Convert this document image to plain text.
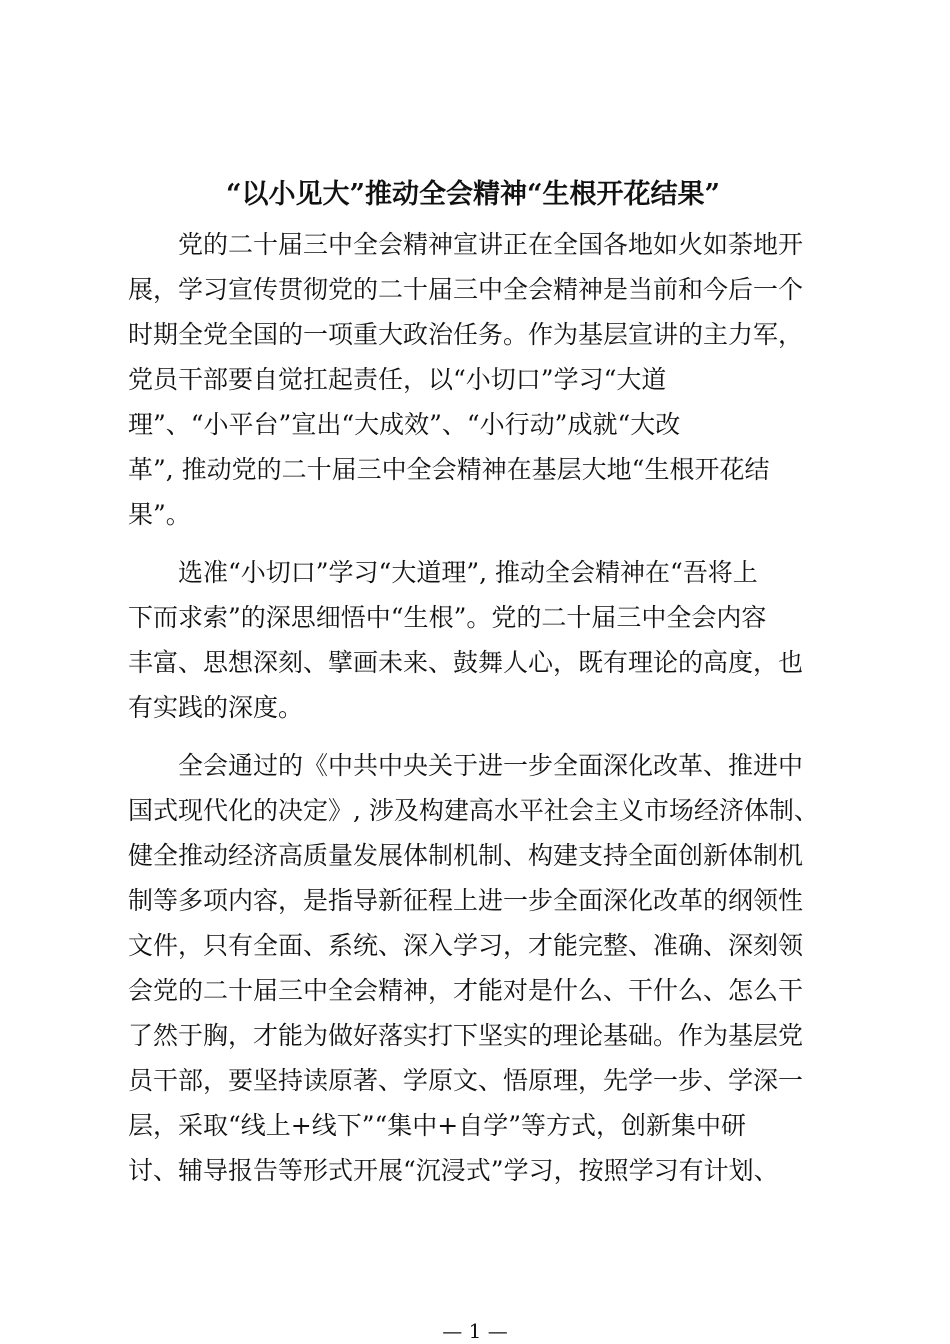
“以小见大”推动全会精神“生根开花结果”
　　党的二十届三中全会精神宣讲正在全国各地如火如荼地开
展，学习宣传贯彻党的二十届三中全会精神是当前和今后一个
时期全党全国的一项重大政治任务。作为基层宣讲的主力军，
党员干部要自觉扛起责任，以“小切口”学习“大道
理”、“小平台”宣出“大成效”、“小行动”成就“大改
革”, 推动党的二十届三中全会精神在基层大地“生根开花结
果”。
　　选准“小切口”学习“大道理”, 推动全会精神在“吾将上
下而求索”的深思细悟中“生根”。党的二十届三中全会内容
丰富、思想深刻、擘画未来、鼓舞人心，既有理论的高度，也
有实践的深度。
　　全会通过的《中共中央关于进一步全面深化改革、推进中
国式现代化的决定》, 涉及构建高水平社会主义市场经济体制、
健全推动经济高质量发展体制机制、构建支持全面创新体制机
制等多项内容，是指导新征程上进一步全面深化改革的纲领性
文件，只有全面、系统、深入学习，才能完整、准确、深刻领
会党的二十届三中全会精神，才能对是什么、干什么、怎么干
了然于胸，才能为做好落实打下坚实的理论基础。作为基层党
员干部，要坚持读原著、学原文、悟原理，先学一步、学深一
层，采取“线上+线下”“集中+自学”等方式，创新集中研
讨、辅导报告等形式开展“沉浸式”学习，按照学习有计划、
— 1 —
